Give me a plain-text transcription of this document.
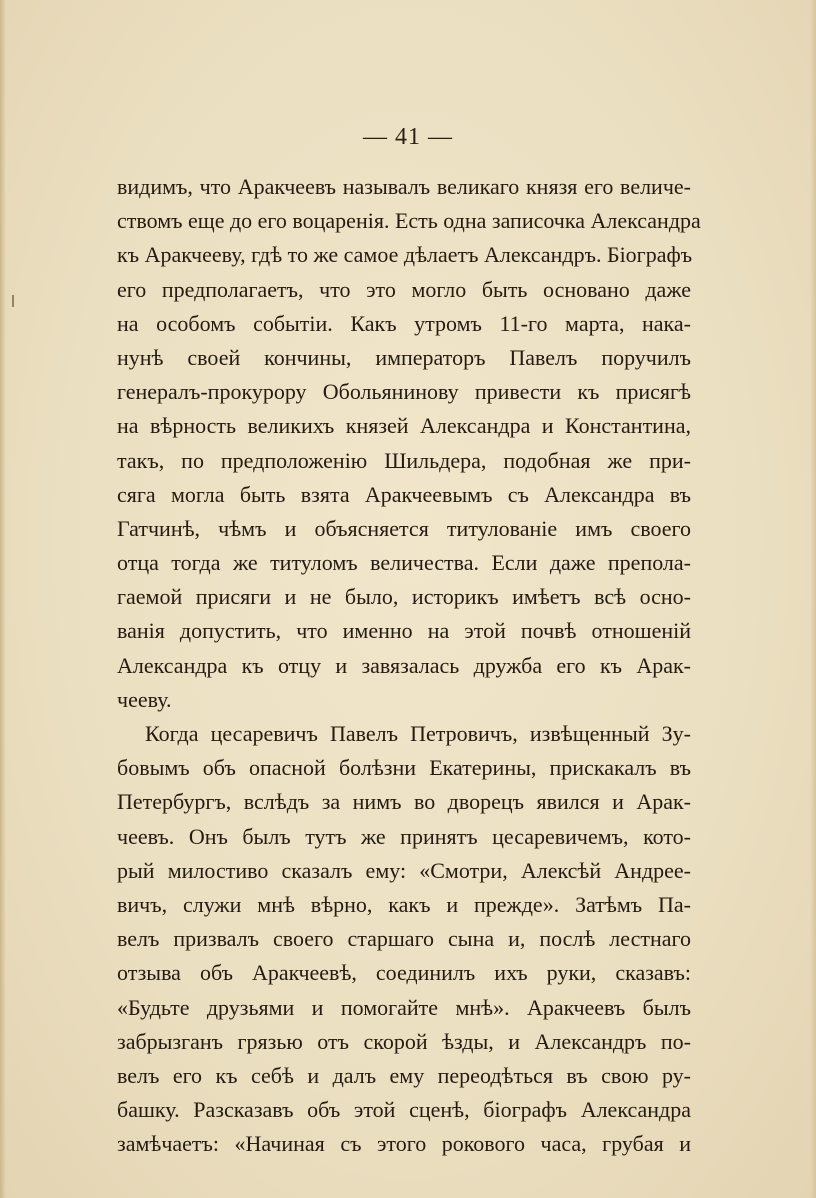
— 41 —
видимъ, что Аракчеевъ называлъ великаго князя его величе-
ствомъ еще до его воцаренія. Есть одна записочка Александра
къ Аракчееву, гдѣ то же самое дѣлаетъ Александръ. Біографъ
его предполагаетъ, что это могло быть основано даже
на особомъ событіи. Какъ утромъ 11-го марта, нака-
нунѣ своей кончины, императоръ Павелъ поручилъ
генералъ-прокурору Обольянинову привести къ присягѣ
на вѣрность великихъ князей Александра и Константина,
такъ, по предположенію Шильдера, подобная же при-
сяга могла быть взята Аракчеевымъ съ Александра въ
Гатчинѣ, чѣмъ и объясняется титулованіе имъ своего
отца тогда же титуломъ величества. Если даже препола-
гаемой присяги и не было, историкъ имѣетъ всѣ осно-
ванія допустить, что именно на этой почвѣ отношеній
Александра къ отцу и завязалась дружба его къ Арак-
чееву.
Когда цесаревичъ Павелъ Петровичъ, извѣщенный Зу-
бовымъ объ опасной болѣзни Екатерины, прискакалъ въ
Петербургъ, вслѣдъ за нимъ во дворецъ явился и Арак-
чеевъ. Онъ былъ тутъ же принятъ цесаревичемъ, кото-
рый милостиво сказалъ ему: «Смотри, Алексѣй Андрее-
вичъ, служи мнѣ вѣрно, какъ и прежде». Затѣмъ Па-
велъ призвалъ своего старшаго сына и, послѣ лестнаго
отзыва объ Аракчеевѣ, соединилъ ихъ руки, сказавъ:
«Будьте друзьями и помогайте мнѣ». Аракчеевъ былъ
забрызганъ грязью отъ скорой ѣзды, и Александръ по-
велъ его къ себѣ и далъ ему переодѣться въ свою ру-
башку. Разсказавъ объ этой сценѣ, біографъ Александра
замѣчаетъ: «Начиная съ этого рокового часа, грубая и
